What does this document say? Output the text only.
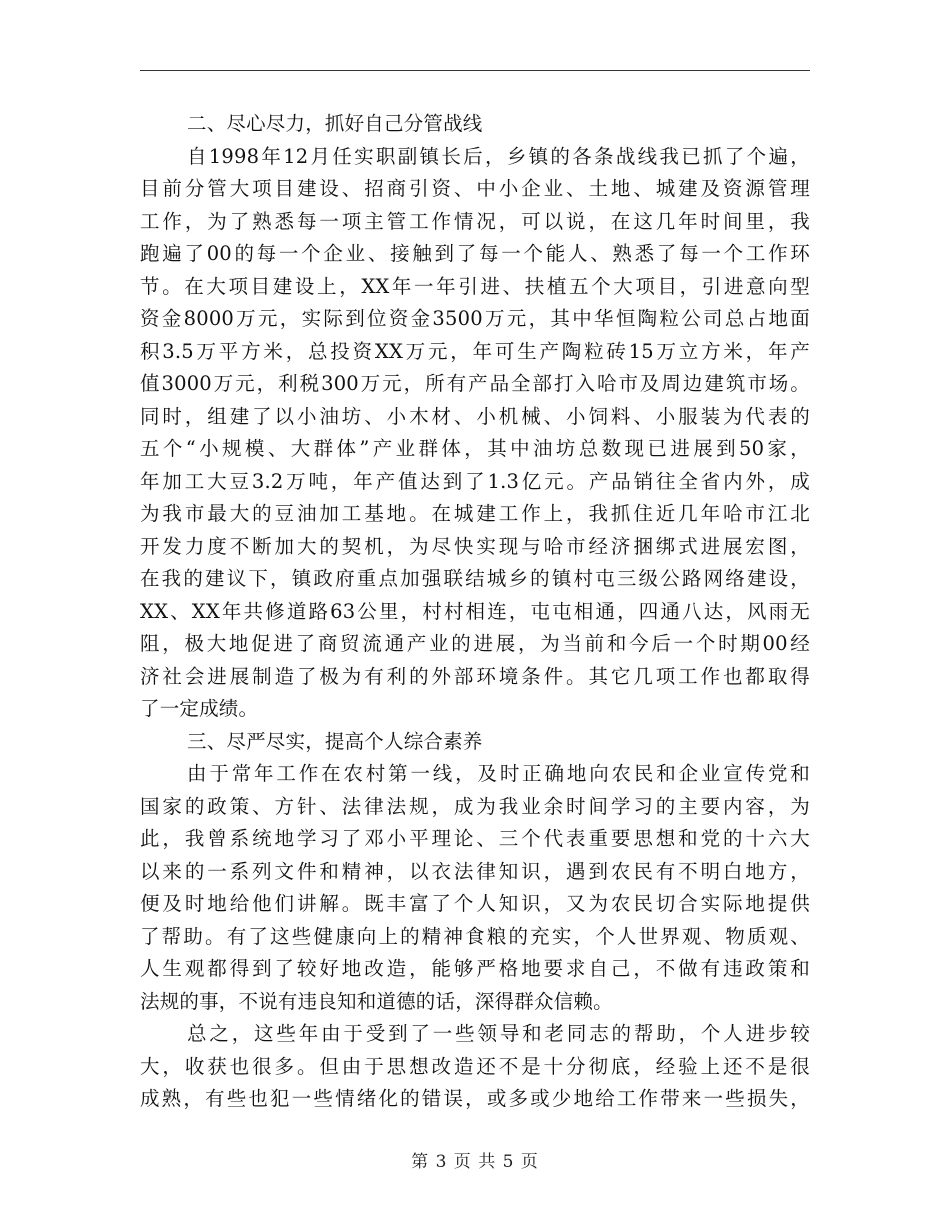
二、尽心尽力，抓好自己分管战线
自1998年12月任实职副镇长后，乡镇的各条战线我已抓了个遍，
目前分管大项目建设、招商引资、中小企业、土地、城建及资源管理
工作，为了熟悉每一项主管工作情况，可以说，在这几年时间里，我
跑遍了00的每一个企业、接触到了每一个能人、熟悉了每一个工作环
节。在大项目建设上，XX年一年引进、扶植五个大项目，引进意向型
资金8000万元，实际到位资金3500万元，其中华恒陶粒公司总占地面
积3.5万平方米，总投资XX万元，年可生产陶粒砖15万立方米，年产
值3000万元，利税300万元，所有产品全部打入哈市及周边建筑市场。
同时，组建了以小油坊、小木材、小机械、小饲料、小服装为代表的
五个“小规模、大群体”产业群体，其中油坊总数现已进展到50家，
年加工大豆3.2万吨，年产值达到了1.3亿元。产品销往全省内外，成
为我市最大的豆油加工基地。在城建工作上，我抓住近几年哈市江北
开发力度不断加大的契机，为尽快实现与哈市经济捆绑式进展宏图，
在我的建议下，镇政府重点加强联结城乡的镇村屯三级公路网络建设，
XX、XX年共修道路63公里，村村相连，屯屯相通，四通八达，风雨无
阻，极大地促进了商贸流通产业的进展，为当前和今后一个时期00经
济社会进展制造了极为有利的外部环境条件。其它几项工作也都取得
了一定成绩。
三、尽严尽实，提高个人综合素养
由于常年工作在农村第一线，及时正确地向农民和企业宣传党和
国家的政策、方针、法律法规，成为我业余时间学习的主要内容，为
此，我曾系统地学习了邓小平理论、三个代表重要思想和党的十六大
以来的一系列文件和精神，以衣法律知识，遇到农民有不明白地方，
便及时地给他们讲解。既丰富了个人知识，又为农民切合实际地提供
了帮助。有了这些健康向上的精神食粮的充实，个人世界观、物质观、
人生观都得到了较好地改造，能够严格地要求自己，不做有违政策和
法规的事，不说有违良知和道德的话，深得群众信赖。
总之，这些年由于受到了一些领导和老同志的帮助，个人进步较
大，收获也很多。但由于思想改造还不是十分彻底，经验上还不是很
成熟，有些也犯一些情绪化的错误，或多或少地给工作带来一些损失，
第 3 页 共 5 页
